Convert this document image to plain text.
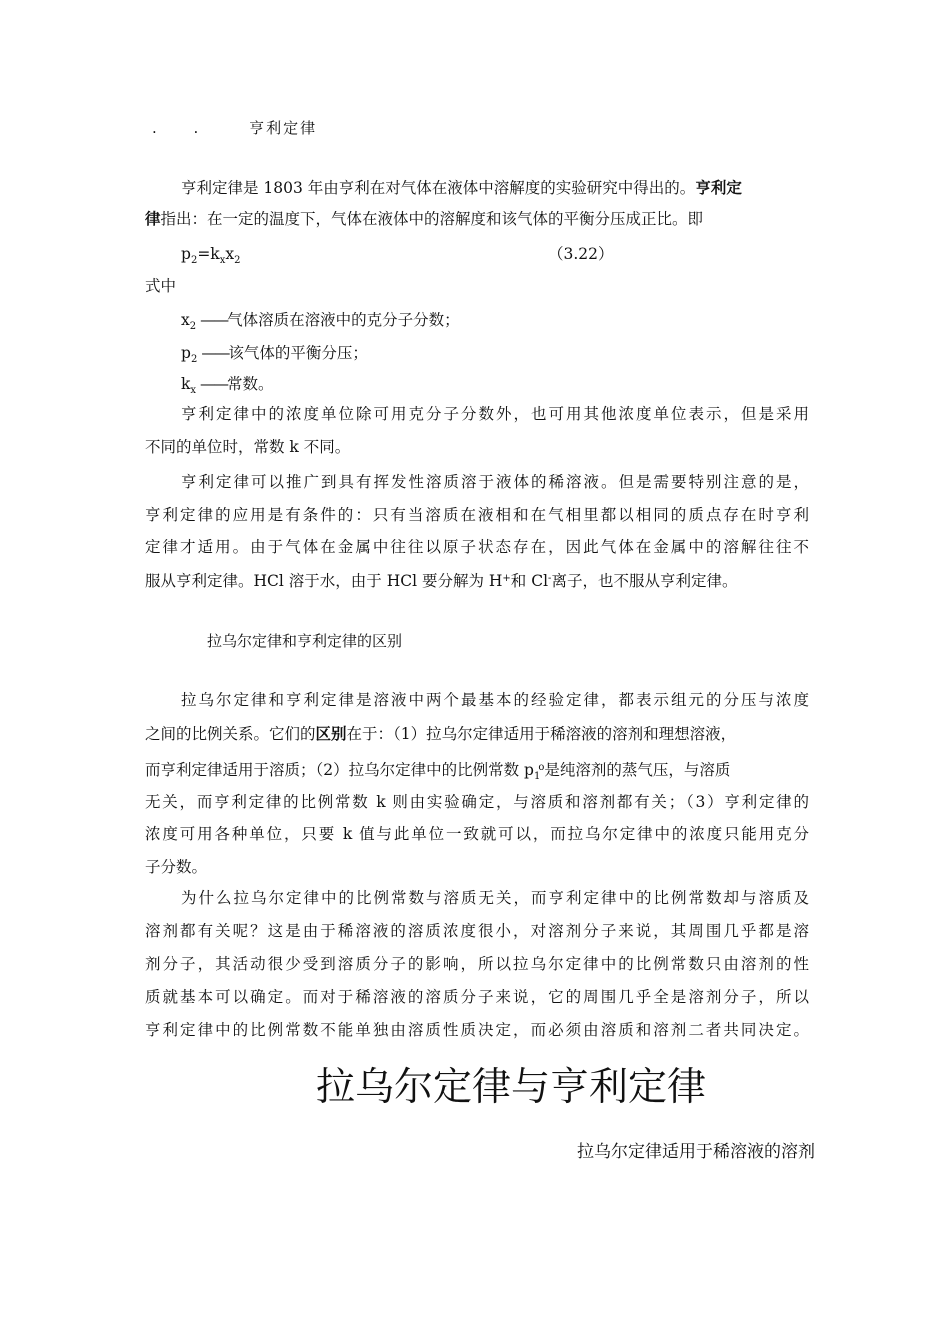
. . 亨利定律
亨利定律是 1803 年由亨利在对气体在液体中溶解度的实验研究中得出的。亨利定
律指出：在一定的温度下，气体在液体中的溶解度和该气体的平衡分压成正比。即
$p_2=k_xx_2$	（3.22）
式中
$x_2$ ——气体溶质在溶液中的克分子分数；
$p_2$ ——该气体的平衡分压；
$k_x$ ——常数。
亨利定律中的浓度单位除可用克分子分数外，也可用其他浓度单位表示，但是采用
不同的单位时，常数 k 不同。
亨利定律可以推广到具有挥发性溶质溶于液体的稀溶液。但是需要特别注意的是，
亨利定律的应用是有条件的：只有当溶质在液相和在气相里都以相同的质点存在时亨利
定律才适用。由于气体在金属中往往以原子状态存在，因此气体在金属中的溶解往往不
服从亨利定律。HCl 溶于水，由于 HCl 要分解为 H+和 Cl-离子，也不服从亨利定律。
拉乌尔定律和亨利定律的区别
拉乌尔定律和亨利定律是溶液中两个最基本的经验定律，都表示组元的分压与浓度
之间的比例关系。它们的区别在于：（1）拉乌尔定律适用于稀溶液的溶剂和理想溶液，
而亨利定律适用于溶质；（2）拉乌尔定律中的比例常数 $p_1^o$是纯溶剂的蒸气压，与溶质
无关，而亨利定律的比例常数 k 则由实验确定，与溶质和溶剂都有关；（3）亨利定律的
浓度可用各种单位，只要 k 值与此单位一致就可以，而拉乌尔定律中的浓度只能用克分
子分数。
为什么拉乌尔定律中的比例常数与溶质无关，而亨利定律中的比例常数却与溶质及
溶剂都有关呢？这是由于稀溶液的溶质浓度很小，对溶剂分子来说，其周围几乎都是溶
剂分子，其活动很少受到溶质分子的影响，所以拉乌尔定律中的比例常数只由溶剂的性
质就基本可以确定。而对于稀溶液的溶质分子来说，它的周围几乎全是溶剂分子，所以
亨利定律中的比例常数不能单独由溶质性质决定，而必须由溶质和溶剂二者共同决定。
拉乌尔定律与亨利定律
拉乌尔定律适用于稀溶液的溶剂
